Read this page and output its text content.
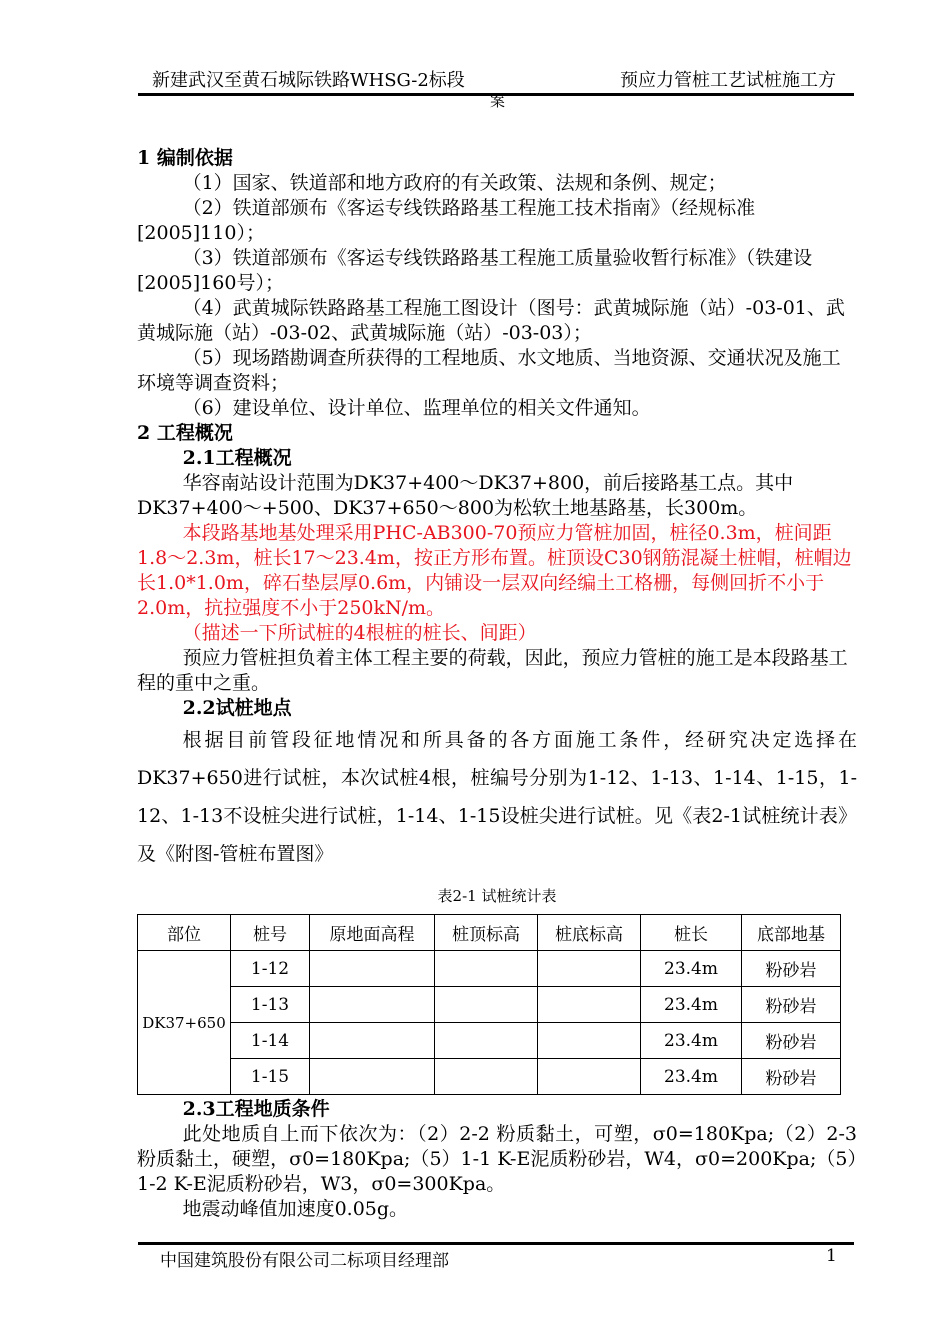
新建武汉至黄石城际铁路WHSG-2标段	预应力管桩工艺试桩施工方
案

1 编制依据

（1）国家、铁道部和地方政府的有关政策、法规和条例、规定；

（2）铁道部颁布《客运专线铁路路基工程施工技术指南》（经规标准[2005]110）；

（3）铁道部颁布《客运专线铁路路基工程施工质量验收暂行标准》（铁建设[2005]160号）；

（4）武黄城际铁路路基工程施工图设计（图号：武黄城际施（站）-03-01、武黄城际施（站）-03-02、武黄城际施（站）-03-03）；

（5）现场踏勘调查所获得的工程地质、水文地质、当地资源、交通状况及施工环境等调查资料；

（6）建设单位、设计单位、监理单位的相关文件通知。

2 工程概况

2.1工程概况

华容南站设计范围为DK37+400～DK37+800，前后接路基工点。其中DK37+400～+500、DK37+650～800为松软土地基路基，长300m。

本段路基地基处理采用PHC-AB300-70预应力管桩加固，桩径0.3m，桩间距1.8～2.3m，桩长17～23.4m，按正方形布置。桩顶设C30钢筋混凝土桩帽，桩帽边长1.0*1.0m，碎石垫层厚0.6m，内铺设一层双向经编土工格栅，每侧回折不小于2.0m，抗拉强度不小于250kN/m。

（描述一下所试桩的4根桩的桩长、间距）

预应力管桩担负着主体工程主要的荷载，因此，预应力管桩的施工是本段路基工程的重中之重。

2.2试桩地点

根据目前管段征地情况和所具备的各方面施工条件，经研究决定选择在 DK37+650进行试桩，本次试桩4根，桩编号分别为1-12、1-13、1-14、1-15，1-12、1-13不设桩尖进行试桩，1-14、1-15设桩尖进行试桩。见《表2-1试桩统计表》及《附图-管桩布置图》

表2-1 试桩统计表
部位	桩号	原地面高程	桩顶标高	桩底标高	桩长	底部地基
DK37+650	1-12				23.4m	粉砂岩
	1-13				23.4m	粉砂岩
	1-14				23.4m	粉砂岩
	1-15				23.4m	粉砂岩

2.3工程地质条件

此处地质自上而下依次为：（2）2-2 粉质黏土，可塑，σ0=180Kpa;（2）2-3 粉质黏土，硬塑，σ0=180Kpa;（5）1-1 K-E泥质粉砂岩，W4，σ0=200Kpa;（5）1-2 K-E泥质粉砂岩，W3，σ0=300Kpa。

地震动峰值加速度0.05g。

中国建筑股份有限公司二标项目经理部	1
